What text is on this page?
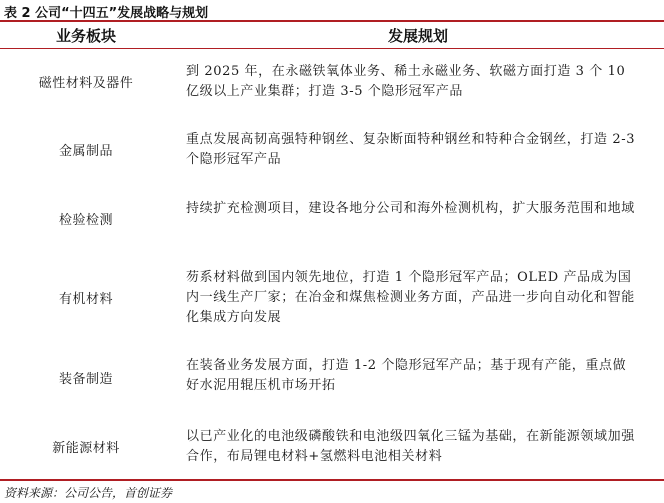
表 2 公司“十四五”发展战略与规划
业务板块	发展规划
磁性材料及器件
到 2025 年，在永磁铁氧体业务、稀土永磁业务、软磁方面打造 3 个 10 亿级以上产业集群；打造 3-5 个隐形冠军产品
金属制品
重点发展高韧高强特种钢丝、复杂断面特种钢丝和特种合金钢丝，打造 2-3 个隐形冠军产品
检验检测
持续扩充检测项目，建设各地分公司和海外检测机构，扩大服务范围和地域
有机材料
芴系材料做到国内领先地位，打造 1 个隐形冠军产品；OLED 产品成为国内一线生产厂家；在冶金和煤焦检测业务方面，产品进一步向自动化和智能化集成方向发展
装备制造
在装备业务发展方面，打造 1-2 个隐形冠军产品；基于现有产能，重点做好水泥用辊压机市场开拓
新能源材料
以已产业化的电池级磷酸铁和电池级四氧化三锰为基础，在新能源领域加强合作，布局锂电材料+氢燃料电池相关材料
资料来源：公司公告，首创证券
